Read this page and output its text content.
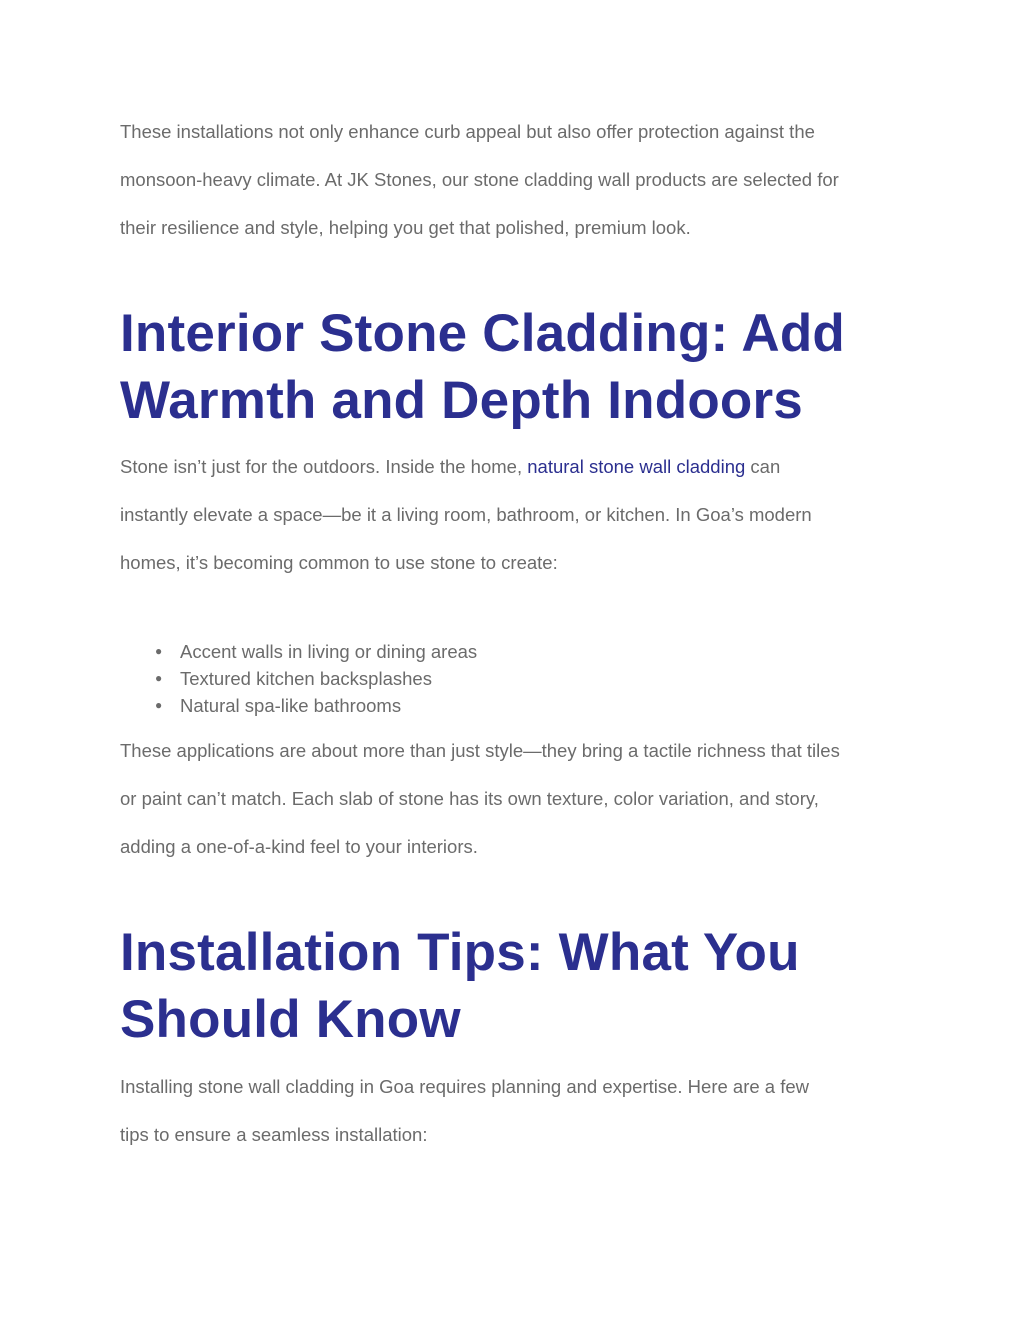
These installations not only enhance curb appeal but also offer protection against the
monsoon-heavy climate. At JK Stones, our stone cladding wall products are selected for
their resilience and style, helping you get that polished, premium look.

Interior Stone Cladding: Add
Warmth and Depth Indoors

Stone isn’t just for the outdoors. Inside the home, natural stone wall cladding can
instantly elevate a space—be it a living room, bathroom, or kitchen. In Goa’s modern
homes, it’s becoming common to use stone to create:

● Accent walls in living or dining areas
● Textured kitchen backsplashes
● Natural spa-like bathrooms

These applications are about more than just style—they bring a tactile richness that tiles
or paint can’t match. Each slab of stone has its own texture, color variation, and story,
adding a one-of-a-kind feel to your interiors.

Installation Tips: What You
Should Know

Installing stone wall cladding in Goa requires planning and expertise. Here are a few
tips to ensure a seamless installation:
